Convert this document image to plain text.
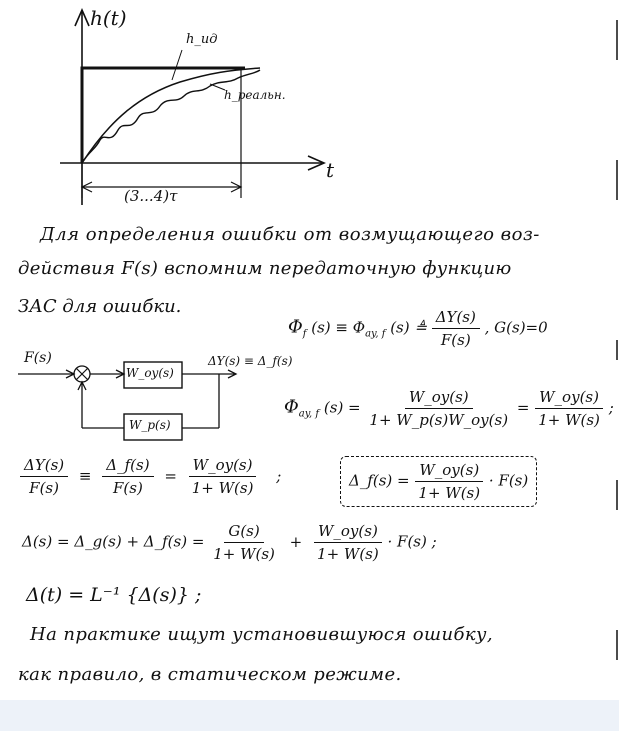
h(t)
t
h_ид
h_реальн.
(3...4)τ
Для определения ошибки от возмущающего воз-
действия F(s) вспомним передаточную функцию
ЗАС для ошибки.
$\Phi_f$ $(s) \equiv \Phi_{ay, f}$ (s) ≜ $\frac{\Delta Y(s)}{F(s)}$ , G(s)=0
F(s)
W_oy(s)
W_p(s)
ΔY(s) ≡ Δ_f(s)
$\Phi_{ay, f}$ $(s) = \frac{W\_oy(s)}{1+ W\_p(s)W\_oy(s)} = \frac{W\_oy(s)}{1+ W(s)}$ ;
$\frac{\Delta Y(s)}{F(s)} \equiv \frac{\Delta\_f(s)}{F(s)} = \frac{W\_oy(s)}{1+ W(s)}$ ;	Δ_f(s) = $\frac{W\_oy(s)}{1+ W(s)} \cdot F(s)$
Δ(s) = Δ_g(s) + Δ_f(s) = $\frac{G(s)}{1+ W(s)} + \frac{W\_oy(s)}{1+ W(s)} \cdot F(s)$ ;
Δ(t) = L⁻¹ {Δ(s)} ;
На практике ищут установившуюся ошибку,
как правило, в статическом режиме.
